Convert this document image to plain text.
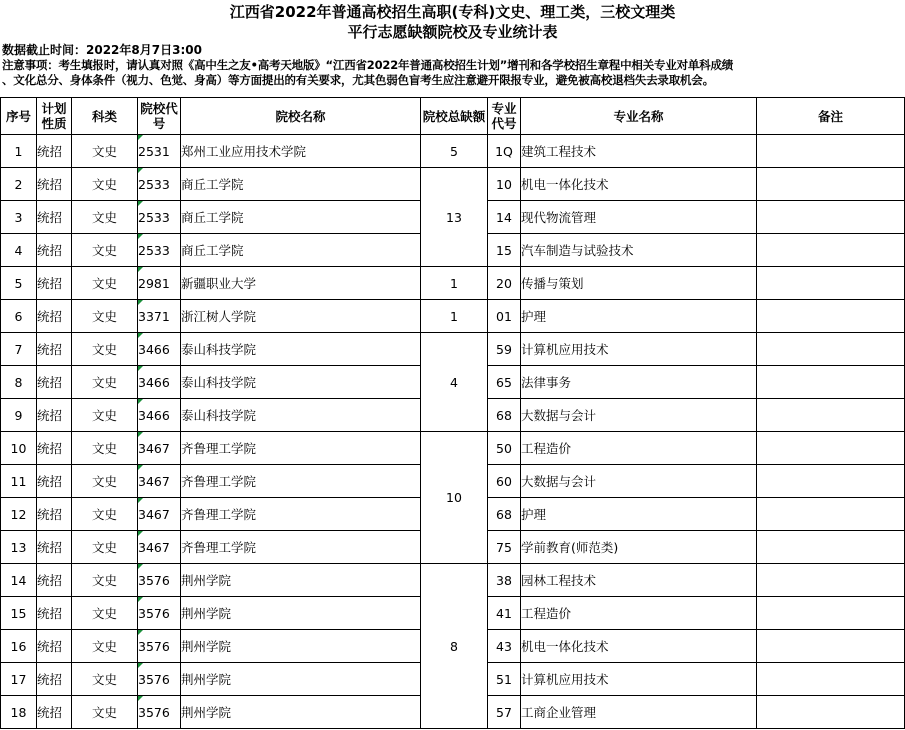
江西省2022年普通高校招生高职(专科)文史、理工类，三校文理类
平行志愿缺额院校及专业统计表
数据截止时间：2022年8月7日3:00
注意事项：考生填报时，请认真对照《高中生之友•高考天地版》“江西省2022年普通高校招生计划”增刊和各学校招生章程中相关专业对单科成绩
、文化总分、身体条件（视力、色觉、身高）等方面提出的有关要求，尤其色弱色盲考生应注意避开限报专业，避免被高校退档失去录取机会。
序号	计划性质	科类	院校代号	院校名称	院校总缺额	专业代号	专业名称	备注
1	统招	文史	2531	郑州工业应用技术学院	5	1Q	建筑工程技术	
2	统招	文史	2533	商丘工学院	13	10	机电一体化技术	
3	统招	文史	2533	商丘工学院		14	现代物流管理	
4	统招	文史	2533	商丘工学院		15	汽车制造与试验技术	
5	统招	文史	2981	新疆职业大学	1	20	传播与策划	
6	统招	文史	3371	浙江树人学院	1	01	护理	
7	统招	文史	3466	泰山科技学院	4	59	计算机应用技术	
8	统招	文史	3466	泰山科技学院		65	法律事务	
9	统招	文史	3466	泰山科技学院		68	大数据与会计	
10	统招	文史	3467	齐鲁理工学院	10	50	工程造价	
11	统招	文史	3467	齐鲁理工学院		60	大数据与会计	
12	统招	文史	3467	齐鲁理工学院		68	护理	
13	统招	文史	3467	齐鲁理工学院		75	学前教育(师范类)	
14	统招	文史	3576	荆州学院	8	38	园林工程技术	
15	统招	文史	3576	荆州学院		41	工程造价	
16	统招	文史	3576	荆州学院		43	机电一体化技术	
17	统招	文史	3576	荆州学院		51	计算机应用技术	
18	统招	文史	3576	荆州学院		57	工商企业管理	
